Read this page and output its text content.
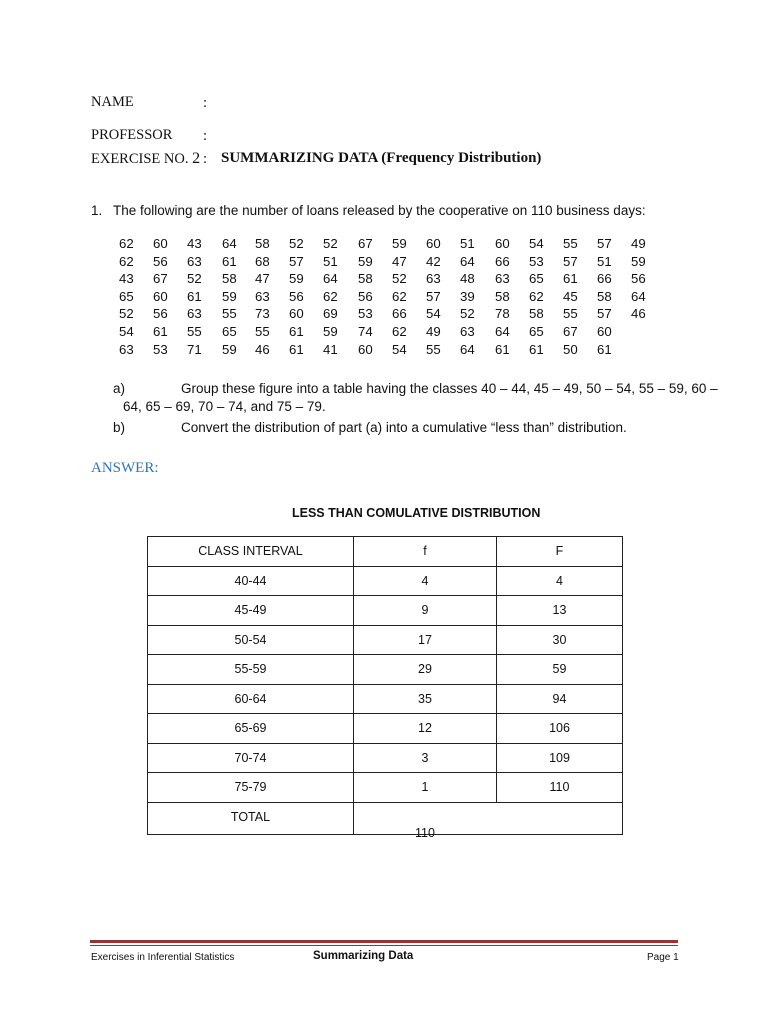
NAME	:
PROFESSOR :
EXERCISE NO. 2 : SUMMARIZING DATA (Frequency Distribution)
1. The following are the number of loans released by the cooperative on 110 business days:
62 60 43 64 58 52 52 67 59 60 51 60 54 55 57 49
62 56 63 61 68 57 51 59 47 42 64 66 53 57 51 59
43 67 52 58 47 59 64 58 52 63 48 63 65 61 66 56
65 60 61 59 63 56 62 56 62 57 39 58 62 45 58 64
52 56 63 55 73 60 69 53 66 54 52 78 58 55 57 46
54 61 55 65 55 61 59 74 62 49 63 64 65 67 60
63 53 71 59 46 61 41 60 54 55 64 61 61 50 61
a)	Group these figure into a table having the classes 40 – 44, 45 – 49, 50 – 54, 55 – 59, 60 –
64, 65 – 69, 70 – 74, and 75 – 79.
b)	Convert the distribution of part (a) into a cumulative “less than” distribution.
ANSWER:
LESS THAN COMULATIVE DISTRIBUTION
CLASS INTERVAL	f	F
40-44	4	4
45-49	9	13
50-54	17	30
55-59	29	59
60-64	35	94
65-69	12	106
70-74	3	109
75-79	1	110
TOTAL	110	
Exercises in Inferential Statistics	Summarizing Data	Page 1
